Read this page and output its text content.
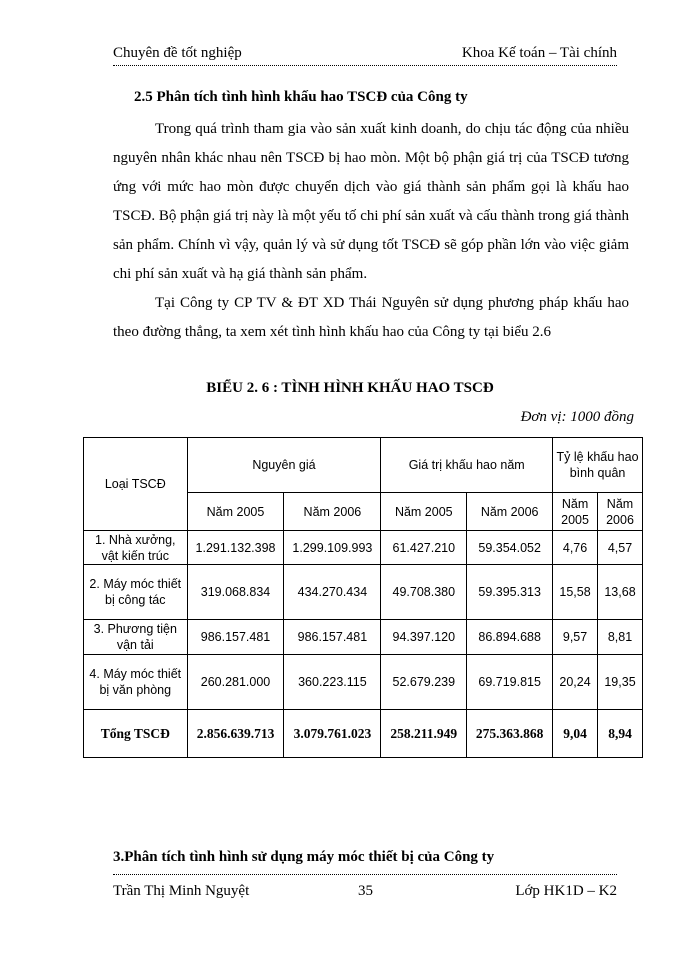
Chuyên đề tốt nghiệp	Khoa Kế toán – Tài chính
2.5 Phân tích tình hình khấu hao TSCĐ của Công ty
Trong quá trình tham gia vào sản xuất kinh doanh, do chịu tác động của nhiều nguyên nhân khác nhau nên TSCĐ bị hao mòn. Một bộ phận giá trị của TSCĐ tương ứng với mức hao mòn được chuyển dịch vào giá thành sản phẩm gọi là khấu hao TSCĐ. Bộ phận giá trị này là một yếu tố chi phí sản xuất và cấu thành trong giá thành sản phẩm. Chính vì vậy, quản lý và sử dụng tốt TSCĐ sẽ góp phần lớn vào việc giảm chi phí sản xuất và hạ giá thành sản phẩm.
Tại Công ty CP TV & ĐT XD Thái Nguyên sử dụng phương pháp khấu hao theo đường thẳng, ta xem xét tình hình khấu hao của Công ty tại biểu 2.6
BIỂU 2. 6 : TÌNH HÌNH KHẤU HAO TSCĐ
Đơn vị: 1000 đồng
Loại TSCĐ	Nguyên giá		Giá trị khấu hao năm		Tỷ lệ khấu hao bình quân	
	Năm 2005	Năm 2006	Năm 2005	Năm 2006	Năm 2005	Năm 2006
1. Nhà xưởng, vật kiến trúc	1.291.132.398	1.299.109.993	61.427.210	59.354.052	4,76	4,57
2. Máy móc thiết bị công tác	319.068.834	434.270.434	49.708.380	59.395.313	15,58	13,68
3. Phương tiện vận tải	986.157.481	986.157.481	94.397.120	86.894.688	9,57	8,81
4. Máy móc thiết bị văn phòng	260.281.000	360.223.115	52.679.239	69.719.815	20,24	19,35
Tổng TSCĐ	2.856.639.713	3.079.761.023	258.211.949	275.363.868	9,04	8,94
3.Phân tích tình hình sử dụng máy móc thiết bị của Công ty
Trần Thị Minh Nguyệt	35	Lớp HK1D – K2
